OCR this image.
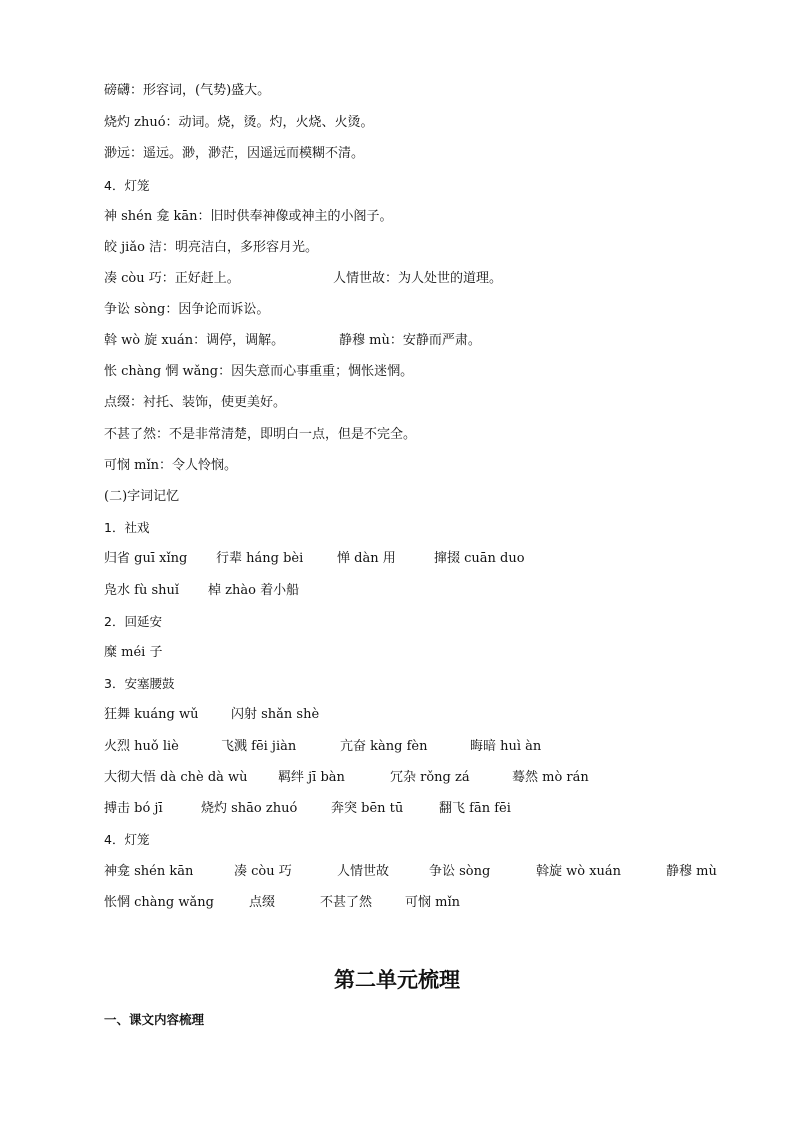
磅礴：形容词，(气势)盛大。
烧灼 zhuó：动词。烧，烫。灼，火烧、火烫。
渺远：遥远。渺，渺茫，因遥远而模糊不清。
4．灯笼
神 shén 龛 kān：旧时供奉神像或神主的小阁子。
皎 jiǎo 洁：明亮洁白，多形容月光。
凑 còu 巧：正好赶上。	人情世故：为人处世的道理。
争讼 sòng：因争论而诉讼。
斡 wò 旋 xuán：调停，调解。	静穆 mù：安静而严肃。
怅 chàng 惘 wǎng：因失意而心事重重；惆怅迷惘。
点缀：衬托、装饰，使更美好。
不甚了然：不是非常清楚，即明白一点，但是不完全。
可悯 mǐn：令人怜悯。
(二)字词记忆
1．社戏
归省 guī xǐng 行辈 háng bèi	惮 dàn 用	撺掇 cuān duo
凫水 fù shuǐ 棹 zhào 着小船
2．回延安
糜 méi 子
3．安塞腰鼓
狂舞 kuáng wǔ	闪射 shǎn shè
火烈 huǒ liè	飞溅 fēi jiàn	亢奋 kàng fèn	晦暗 huì àn
大彻大悟 dà chè dà wù 羁绊 jī bàn	冗杂 rǒng zá	蓦然 mò rán
搏击 bó jī	烧灼 shāo zhuó	奔突 bēn tū	翻飞 fān fēi
4．灯笼
神龛 shén kān	凑 còu 巧	人情世故	争讼 sòng	斡旋 wò xuán	静穆 mù
怅惘 chàng wǎng	点缀	不甚了然	可悯 mǐn
第二单元梳理
一、课文内容梳理
